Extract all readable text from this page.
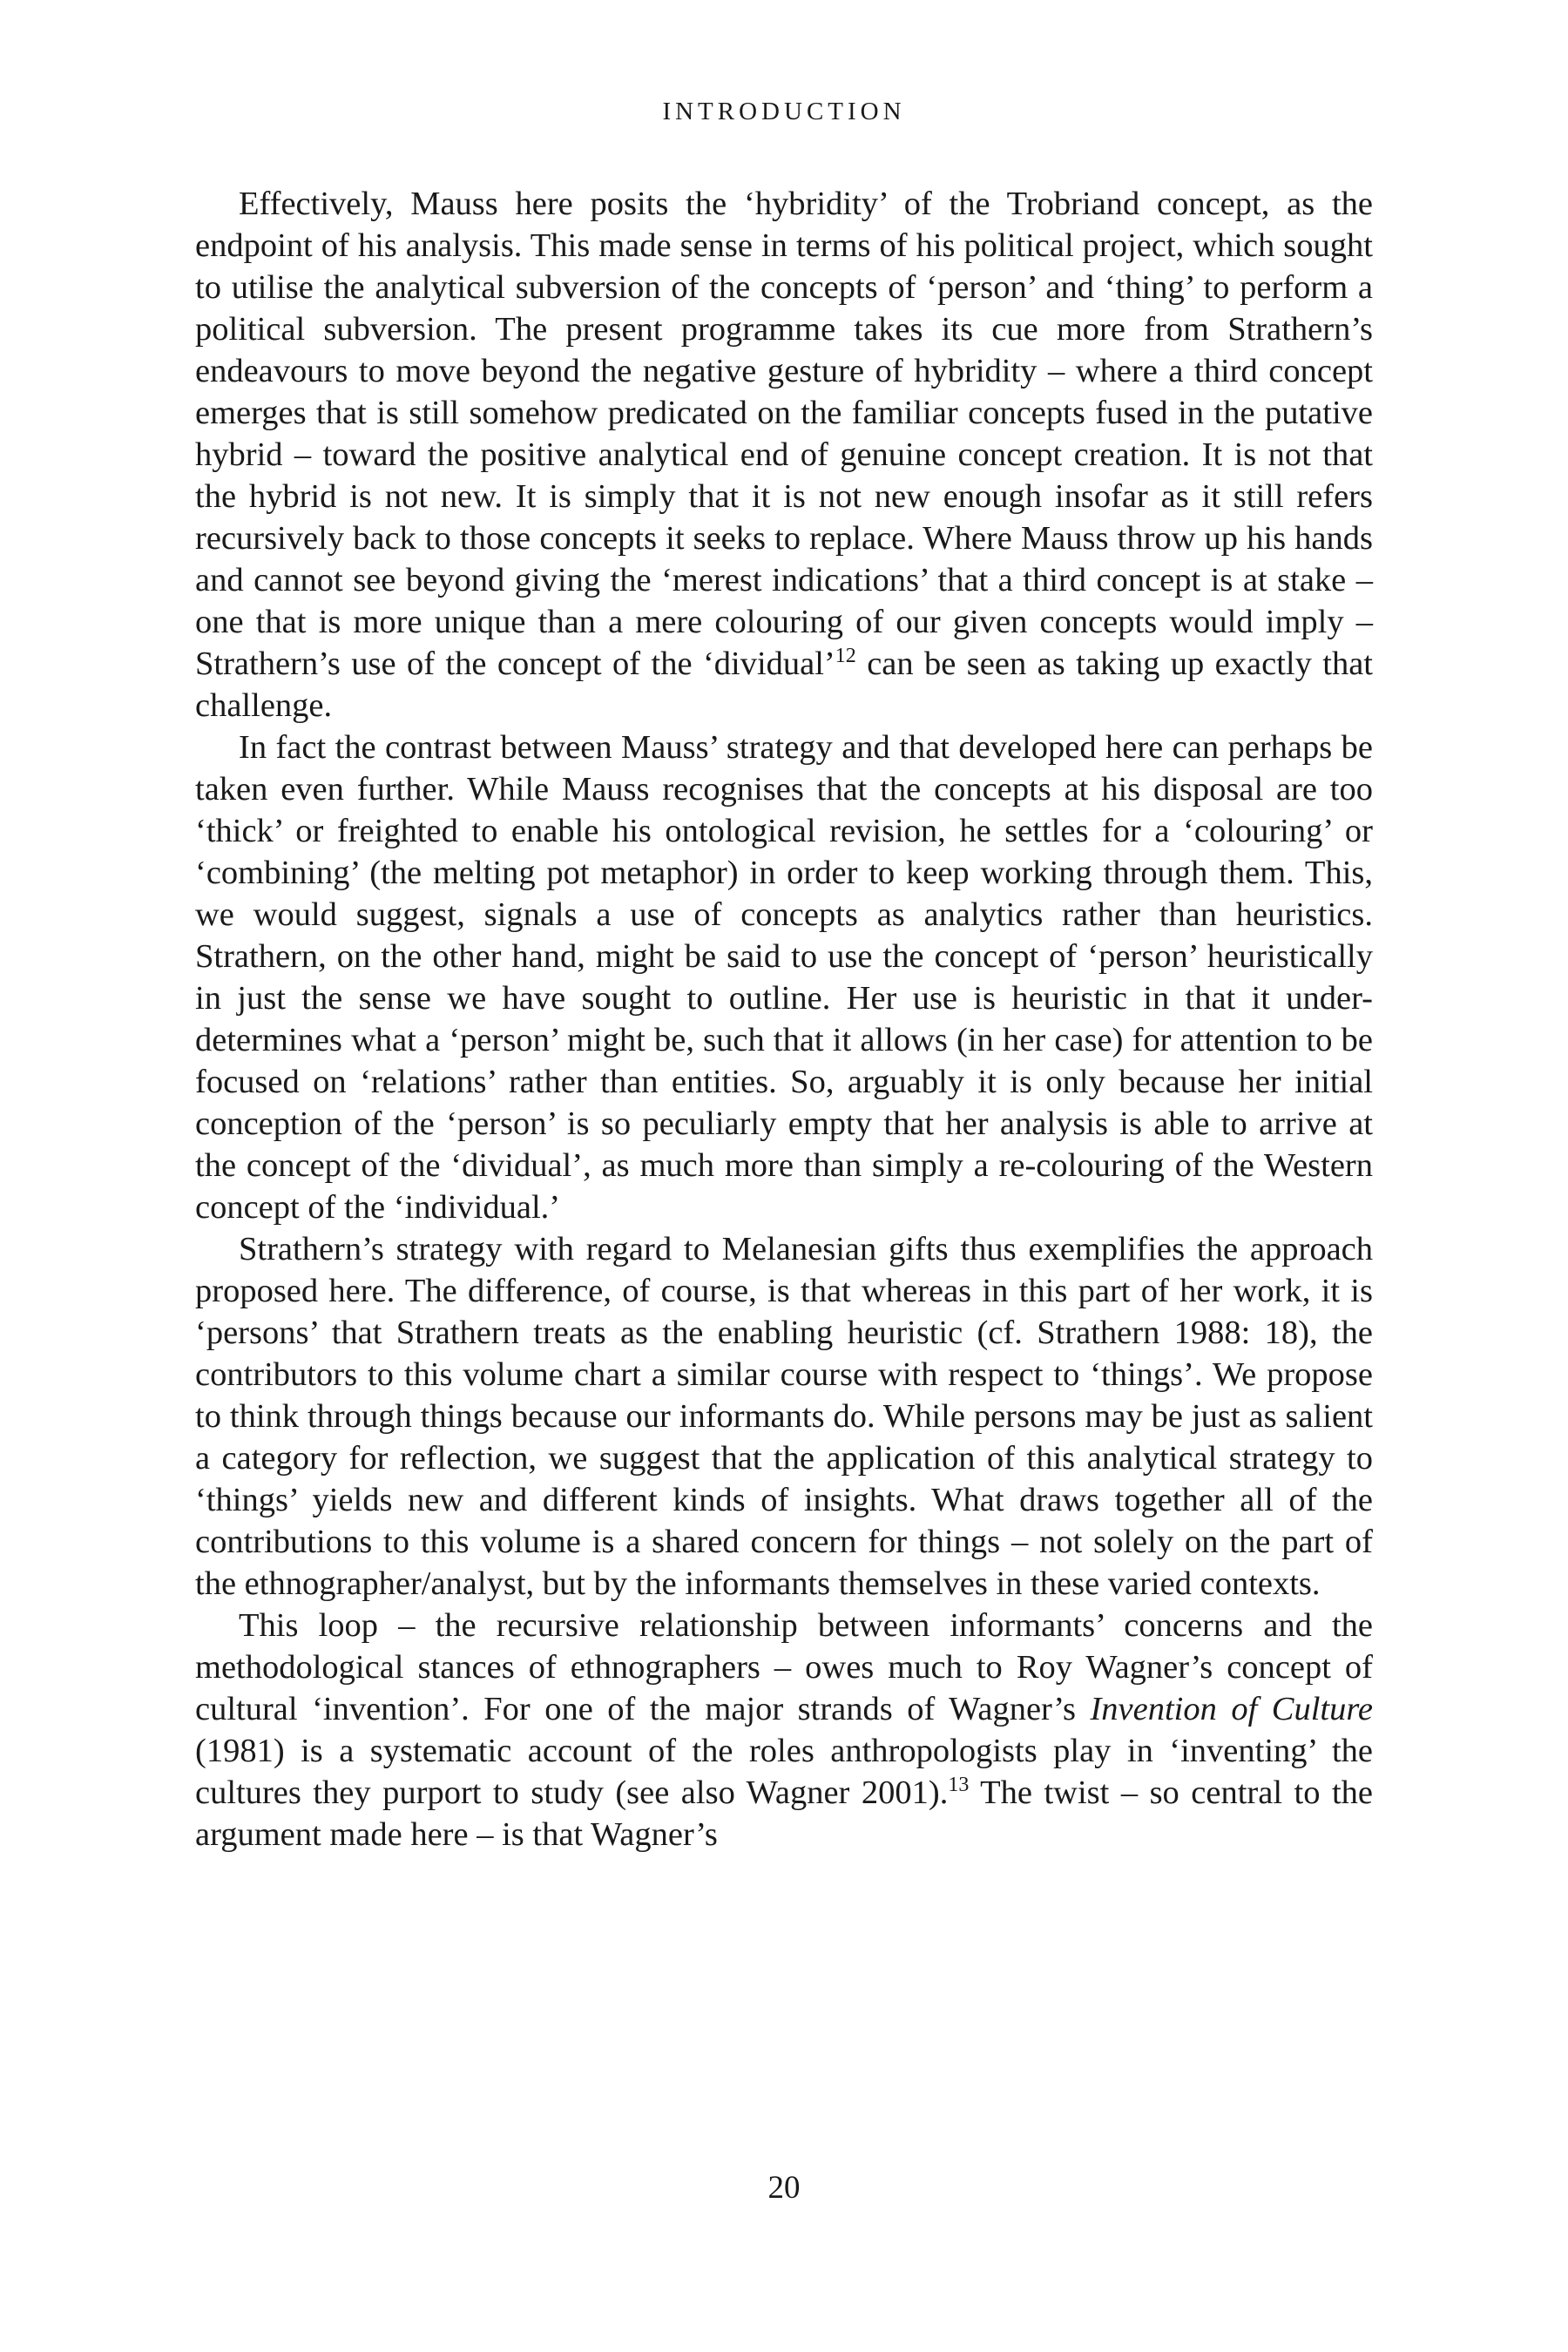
INTRODUCTION

Effectively, Mauss here posits the ‘hybridity’ of the Trobriand concept, as the endpoint of his analysis. This made sense in terms of his political project, which sought to utilise the analytical subversion of the concepts of ‘person’ and ‘thing’ to perform a political subversion. The present programme takes its cue more from Strathern’s endeavours to move beyond the negative gesture of hybridity – where a third concept emerges that is still somehow predicated on the familiar concepts fused in the putative hybrid – toward the positive analytical end of genuine concept creation. It is not that the hybrid is not new. It is simply that it is not new enough insofar as it still refers recursively back to those concepts it seeks to replace. Where Mauss throw up his hands and cannot see beyond giving the ‘merest indications’ that a third concept is at stake – one that is more unique than a mere colouring of our given concepts would imply – Strathern’s use of the concept of the ‘dividual’$^{12}$ can be seen as taking up exactly that challenge.

In fact the contrast between Mauss’ strategy and that developed here can perhaps be taken even further. While Mauss recognises that the concepts at his disposal are too ‘thick’ or freighted to enable his ontological revision, he settles for a ‘colouring’ or ‘combining’ (the melting pot metaphor) in order to keep working through them. This, we would suggest, signals a use of concepts as analytics rather than heuristics. Strathern, on the other hand, might be said to use the concept of ‘person’ heuristically in just the sense we have sought to outline. Her use is heuristic in that it under-determines what a ‘person’ might be, such that it allows (in her case) for attention to be focused on ‘relations’ rather than entities. So, arguably it is only because her initial conception of the ‘person’ is so peculiarly empty that her analysis is able to arrive at the concept of the ‘dividual’, as much more than simply a re-colouring of the Western concept of the ‘individual.’

Strathern’s strategy with regard to Melanesian gifts thus exemplifies the approach proposed here. The difference, of course, is that whereas in this part of her work, it is ‘persons’ that Strathern treats as the enabling heuristic (cf. Strathern 1988: 18), the contributors to this volume chart a similar course with respect to ‘things’. We propose to think through things because our informants do. While persons may be just as salient a category for reflection, we suggest that the application of this analytical strategy to ‘things’ yields new and different kinds of insights. What draws together all of the contributions to this volume is a shared concern for things – not solely on the part of the ethnographer/analyst, but by the informants themselves in these varied contexts.

This loop – the recursive relationship between informants’ concerns and the methodological stances of ethnographers – owes much to Roy Wagner’s concept of cultural ‘invention’. For one of the major strands of Wagner’s Invention of Culture (1981) is a systematic account of the roles anthropologists play in ‘inventing’ the cultures they purport to study (see also Wagner 2001).$^{13}$ The twist – so central to the argument made here – is that Wagner’s

20
